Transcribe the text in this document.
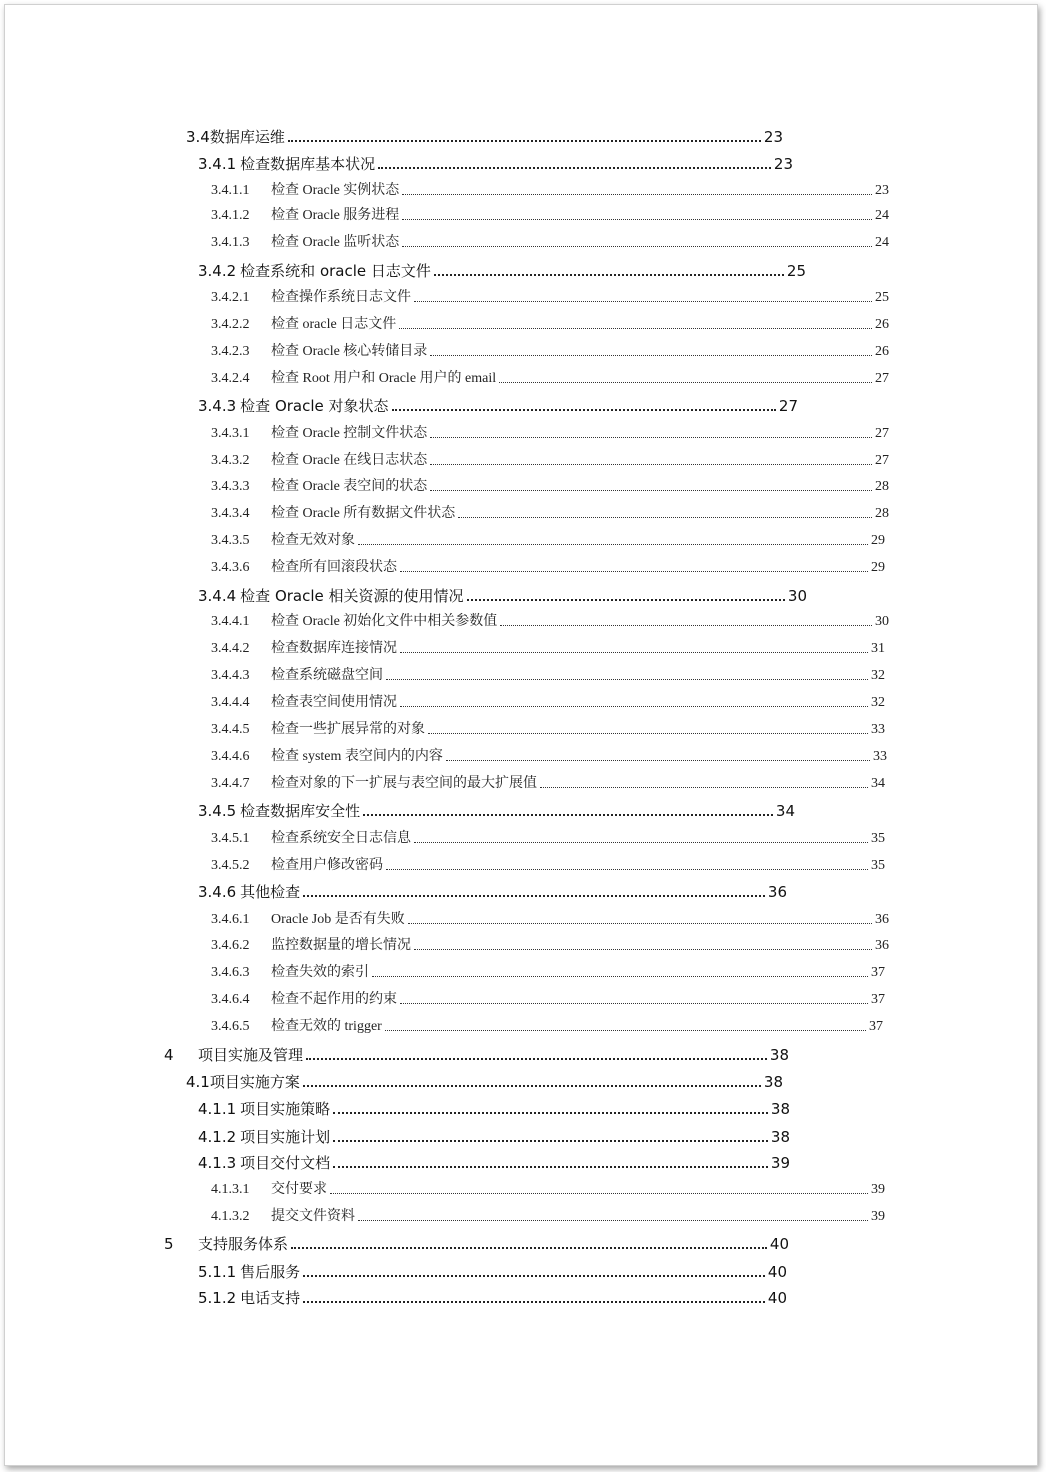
3.4 数据库运维	23
3.4.1 检查数据库基本状况	23
3.4.1.1	检查 Oracle 实例状态	23
3.4.1.2	检查 Oracle 服务进程	24
3.4.1.3	检查 Oracle 监听状态	24
3.4.2 检查系统和 oracle 日志文件	25
3.4.2.1	检查操作系统日志文件	25
3.4.2.2	检查 oracle 日志文件	26
3.4.2.3	检查 Oracle 核心转储目录	26
3.4.2.4	检查 Root 用户和 Oracle 用户的 email	27
3.4.3 检查 Oracle 对象状态	27
3.4.3.1	检查 Oracle 控制文件状态	27
3.4.3.2	检查 Oracle 在线日志状态	27
3.4.3.3	检查 Oracle 表空间的状态	28
3.4.3.4	检查 Oracle 所有数据文件状态	28
3.4.3.5	检查无效对象	29
3.4.3.6	检查所有回滚段状态	29
3.4.4 检查 Oracle 相关资源的使用情况	30
3.4.4.1	检查 Oracle 初始化文件中相关参数值	30
3.4.4.2	检查数据库连接情况	31
3.4.4.3	检查系统磁盘空间	32
3.4.4.4	检查表空间使用情况	32
3.4.4.5	检查一些扩展异常的对象	33
3.4.4.6	检查 system 表空间内的内容	33
3.4.4.7	检查对象的下一扩展与表空间的最大扩展值	34
3.4.5 检查数据库安全性	34
3.4.5.1	检查系统安全日志信息	35
3.4.5.2	检查用户修改密码	35
3.4.6 其他检查	36
3.4.6.1	Oracle Job 是否有失败	36
3.4.6.2	监控数据量的增长情况	36
3.4.6.3	检查失效的索引	37
3.4.6.4	检查不起作用的约束	37
3.4.6.5	检查无效的 trigger	37
4	项目实施及管理	38
4.1 项目实施方案	38
4.1.1 项目实施策略	38
4.1.2 项目实施计划	38
4.1.3 项目交付文档	39
4.1.3.1	交付要求	39
4.1.3.2	提交文件资料	39
5	支持服务体系	40
5.1.1 售后服务	40
5.1.2 电话支持	40
